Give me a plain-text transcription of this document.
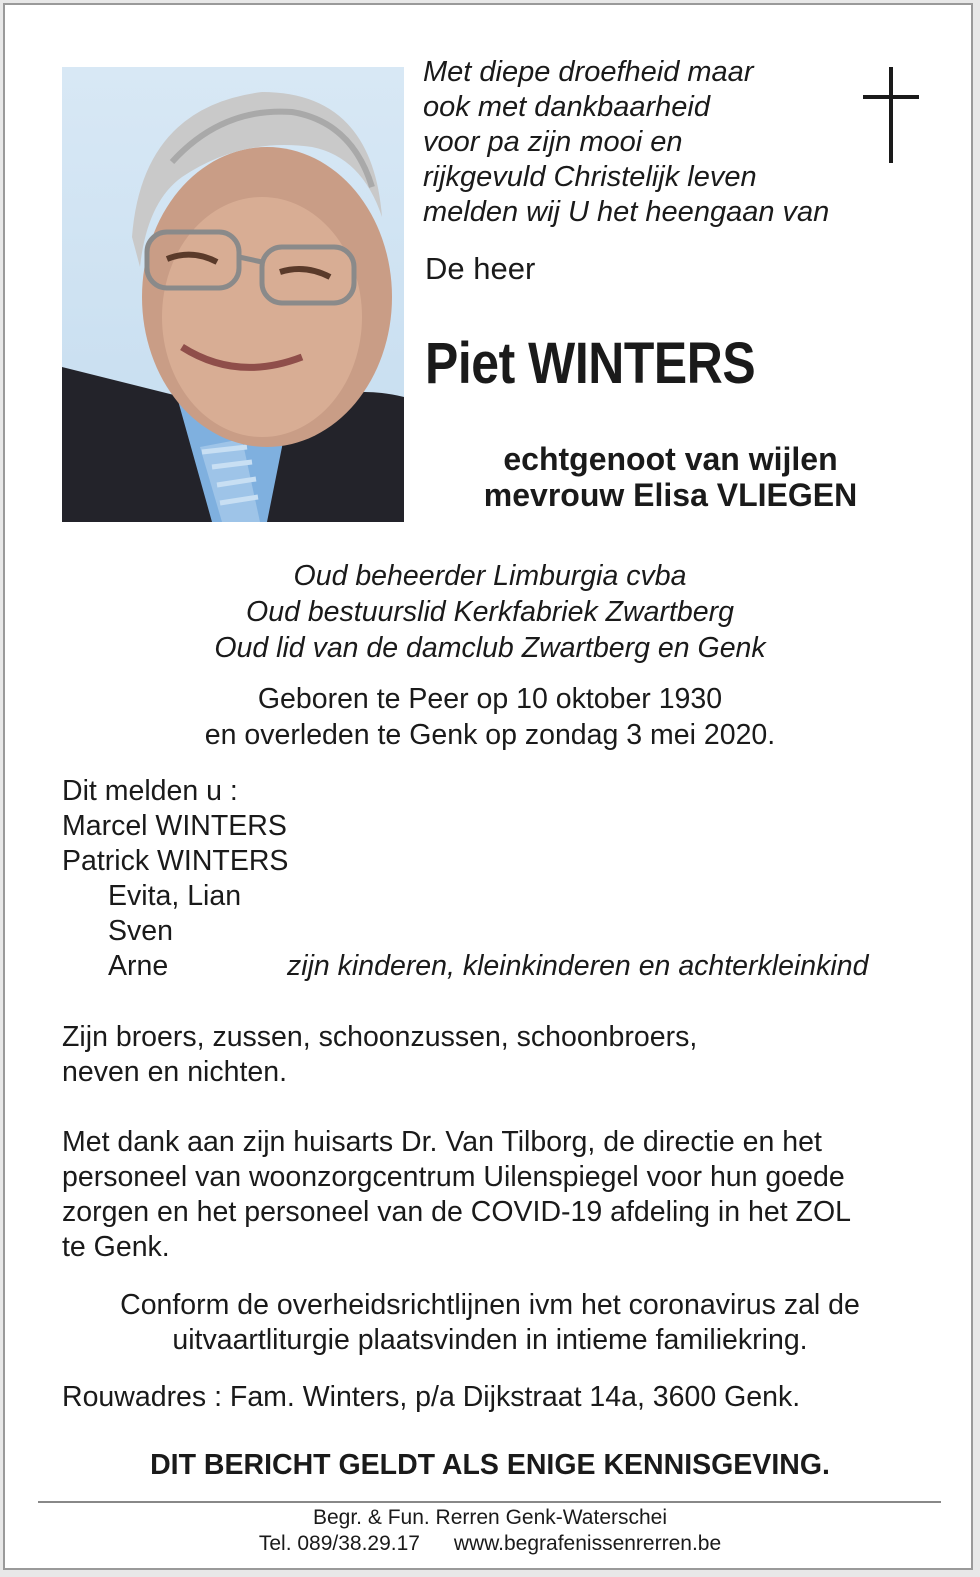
Met diepe droefheid maar
ook met dankbaarheid
voor pa zijn mooi en
rijkgevuld Christelijk leven
melden wij U het heengaan van
De heer
Piet WINTERS
echtgenoot van wijlen
mevrouw Elisa VLIEGEN
Oud beheerder Limburgia cvba
Oud bestuurslid Kerkfabriek Zwartberg
Oud lid van de damclub Zwartberg en Genk
Geboren te Peer op 10 oktober 1930
en overleden te Genk op zondag 3 mei 2020.
Dit melden u :
Marcel WINTERS
Patrick WINTERS
Evita, Lian
Sven
Arne	zijn kinderen, kleinkinderen en achterkleinkind
Zijn broers, zussen, schoonzussen, schoonbroers,
neven en nichten.
Met dank aan zijn huisarts Dr. Van Tilborg, de directie en het
personeel van woonzorgcentrum Uilenspiegel voor hun goede
zorgen en het personeel van de COVID-19 afdeling in het ZOL
te Genk.
Conform de overheidsrichtlijnen ivm het coronavirus zal de
uitvaartliturgie plaatsvinden in intieme familiekring.
Rouwadres : Fam. Winters, p/a Dijkstraat 14a, 3600 Genk.
DIT BERICHT GELDT ALS ENIGE KENNISGEVING.
Begr. & Fun. Rerren Genk-Waterschei
Tel. 089/38.29.17 www.begrafenissenrerren.be
